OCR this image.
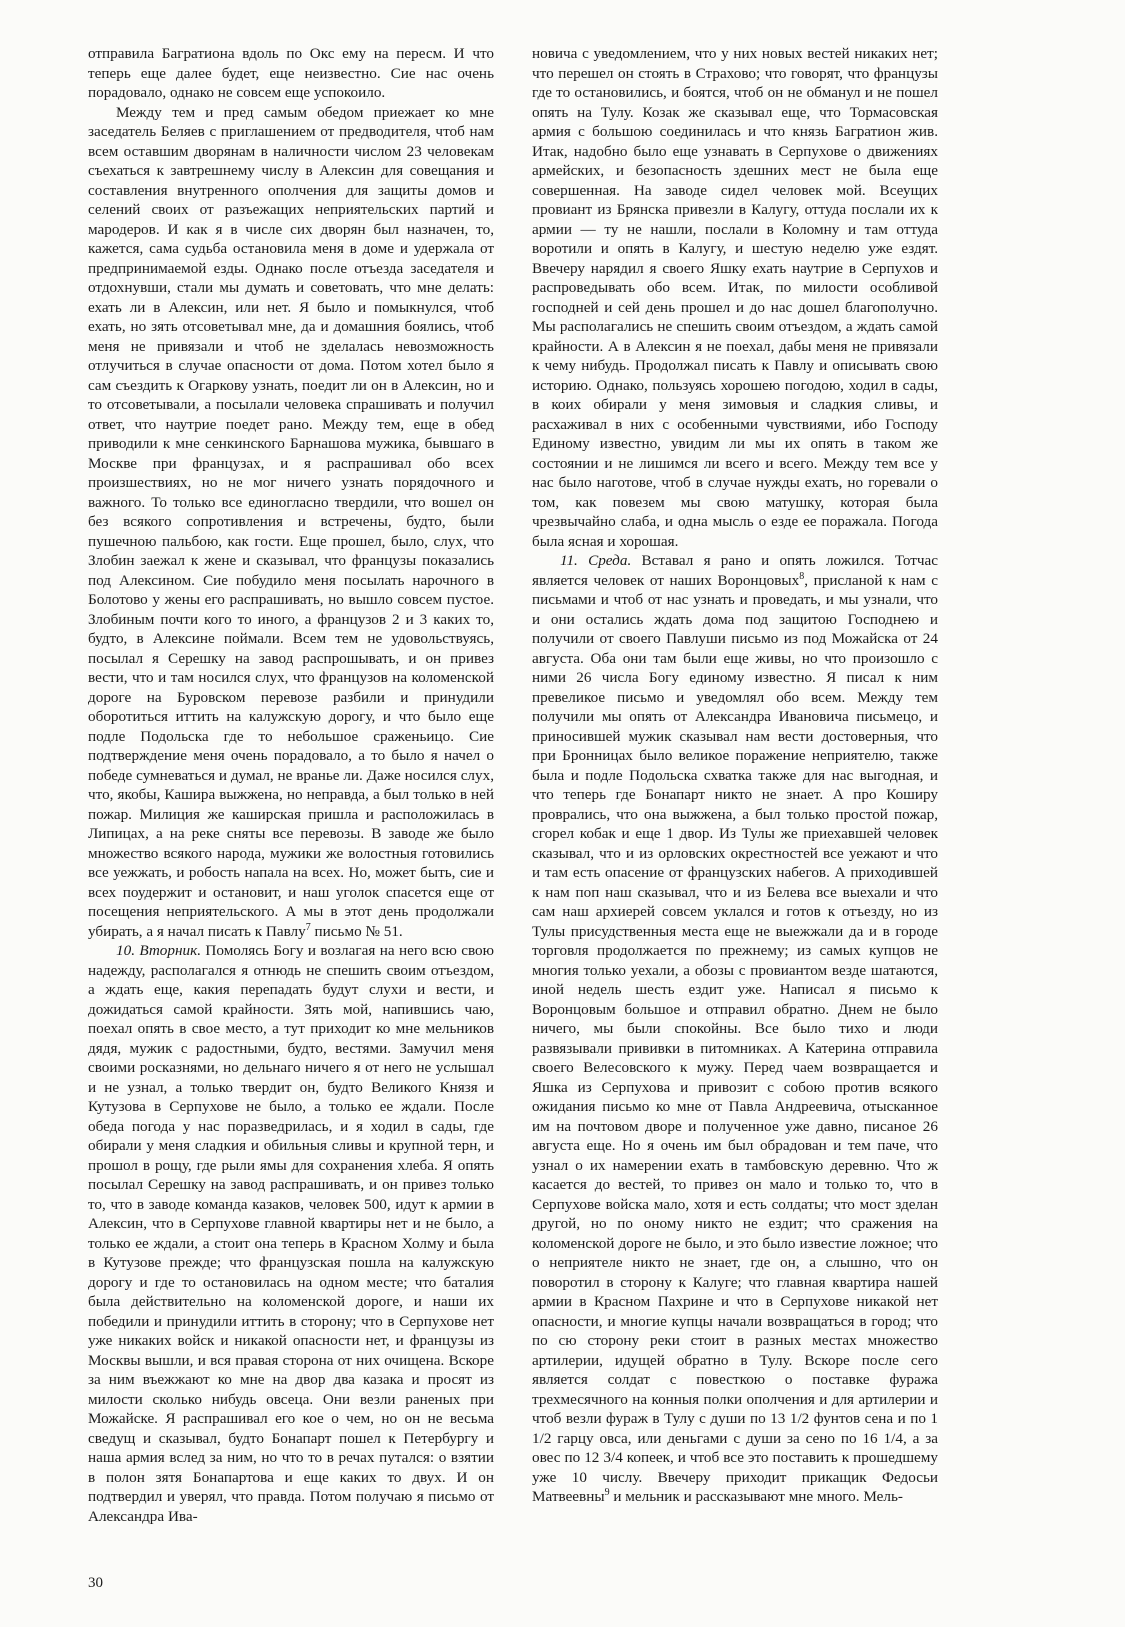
отправила Багратиона вдоль по Окс ему на пересм. И что теперь еще далее будет, еще неизвестно. Сие нас очень порадовало, однако не совсем еще успокоило.

Между тем и пред самым обедом приежает ко мне заседатель Беляев с приглашением от предводителя, чтоб нам всем оставшим дворянам в наличности числом 23 человекам съехаться к завтрешнему числу в Алексин для совещания и составления внутренного ополчения для защиты домов и селений своих от разъежащих неприятельских партий и мародеров. И как я в числе сих дворян был назначен, то, кажется, сама судьба остановила меня в доме и удержала от предпринимаемой езды. Однако после отъезда заседателя и отдохнувши, стали мы думать и советовать, что мне делать: ехать ли в Алексин, или нет. Я было и помыкнулся, чтоб ехать, но зять отсоветывал мне, да и домашния боялись, чтоб меня не привязали и чтоб не зделалась невозможность отлучиться в случае опасности от дома. Потом хотел было я сам съездить к Огаркову узнать, поедит ли он в Алексин, но и то отсоветывали, а посылали человека спрашивать и получил ответ, что наутрие поедет рано. Между тем, еще в обед приводили к мне сенкинского Барнашова мужика, бывшаго в Москве при французах, и я распрашивал обо всех произшествиях, но не мог ничего узнать порядочного и важного. То только все единогласно твердили, что вошел он без всякого сопротивления и встречены, будто, были пушечною пальбою, как гости. Еще прошел, было, слух, что Злобин заежал к жене и сказывал, что французы показались под Алексином. Сие побудило меня посылать нарочного в Болотово у жены его распрашивать, но вышло совсем пустое. Злобиным почти кого то иного, а французов 2 и 3 каких то, будто, в Алексине поймали. Всем тем не удовольствуясь, посылал я Серешку на завод распрошывать, и он привез вести, что и там носился слух, что французов на коломенской дороге на Буровском перевозе разбили и принудили оборотиться иттить на калужскую дорогу, и что было еще подле Подольска где то небольшое сраженьицо. Сие подтверждение меня очень порадовало, а то было я начел о победе сумневаться и думал, не вранье ли. Даже носился слух, что, якобы, Кашира выжжена, но неправда, а был только в ней пожар. Милиция же каширская пришла и расположилась в Липицах, а на реке сняты все перевозы. В заводе же было множество всякого народа, мужики же волостныя готовились все уежжать, и робость напала на всех. Но, может быть, сие и всех поудержит и остановит, и наш уголок спасется еще от посещения неприятельского. А мы в этот день продолжали убирать, а я начал писать к Павлу$^7$ письмо № 51.

10. Вторник. Помолясь Богу и возлагая на него всю свою надежду, располагался я отнюдь не спешить своим отъездом, а ждать еще, какия перепадать будут слухи и вести, и дожидаться самой крайности. Зять мой, напившись чаю, поехал опять в свое место, а тут приходит ко мне мельников дядя, мужик с радостными, будто, вестями. Замучил меня своими росказнями, но дельнаго ничего я от него не услышал и не узнал, а только твердит он, будто Великого Князя и Кутузова в Серпухове не было, а только ее ждали. После обеда погода у нас поразведрилась, и я ходил в сады, где обирали у меня сладкия и обильныя сливы и крупной терн, и прошол в рощу, где рыли ямы для сохранения хлеба. Я опять посылал Серешку на завод распрашивать, и он привез только то, что в заводе команда казаков, человек 500, идут к армии в Алексин, что в Серпухове главной квартиры нет и не было, а только ее ждали, а стоит она теперь в Красном Холму и была в Кутузове прежде; что французская пошла на калужскую дорогу и где то остановилась на одном месте; что баталия была действительно на коломенской дороге, и наши их победили и принудили иттить в сторону; что в Серпухове нет уже никаких войск и никакой опасности нет, и французы из Москвы вышли, и вся правая сторона от них очищена. Вскоре за ним въежжают ко мне на двор два казака и просят из милости сколько нибудь овсеца. Они везли раненых при Можайске. Я распрашивал его кое о чем, но он не весьма сведущ и сказывал, будто Бонапарт пошел к Петербургу и наша армия вслед за ним, но что то в речах путался: о взятии в полон зятя Бонапартова и еще каких то двух. И он подтвердил и уверял, что правда. Потом получаю я письмо от Александра Ива-

новича с уведомлением, что у них новых вестей никаких нет; что перешел он стоять в Страхово; что говорят, что французы где то остановились, и боятся, чтоб он не обманул и не пошел опять на Тулу. Козак же сказывал еще, что Тормасовская армия с большою соединилась и что князь Багратион жив. Итак, надобно было еще узнавать в Серпухове о движениях армейских, и безопасность здешних мест не была еще совершенная. На заводе сидел человек мой. Всеущих провиант из Брянска привезли в Калугу, оттуда послали их к армии — ту не нашли, послали в Коломну и там оттуда воротили и опять в Калугу, и шестую неделю уже ездят. Ввечеру нарядил я своего Яшку ехать наутрие в Серпухов и распровeдывать обо всем. Итак, по милости особливой господней и сей день прошел и до нас дошел благополучно. Мы располагались не спешить своим отъездом, а ждать самой крайности. А в Алексин я не поехал, дабы меня не привязали к чему нибудь. Продолжал писать к Павлу и описывать свою историю. Однако, пользуясь хорошею погодою, ходил в сады, в коих обирали у меня зимовыя и сладкия сливы, и расхаживал в них с особенными чувствиями, ибо Господу Единому известно, увидим ли мы их опять в таком же состоянии и не лишимся ли всего и всего. Между тем все у нас было наготове, чтоб в случае нужды ехать, но горевали о том, как повезем мы свою матушку, которая была чрезвычайно слаба, и одна мысль о езде ее поражала. Погода была ясная и хорошая.

11. Среда. Вставал я рано и опять ложился. Тотчас является человек от наших Воронцовых$^8$, присланой к нам с письмами и чтоб от нас узнать и проведать, и мы узнали, что и они остались ждать дома под защитою Господнею и получили от своего Павлуши письмо из под Можайска от 24 августа. Оба они там были еще живы, но что произошло с ними 26 числа Богу единому известно. Я писал к ним превеликое письмо и уведомлял обо всем. Между тем получили мы опять от Александра Ивановича письмецо, и приносившей мужик сказывал нам вести достоверныя, что при Бронницах было великое поражение неприятелю, также была и подле Подольска схватка также для нас выгодная, и что теперь где Бонапарт никто не знает. А про Коширу проврались, что она выжжена, а был только простой пожар, сгорел кобак и еще 1 двор. Из Тулы же приехавшей человек сказывал, что и из орловских окрестностей все уежают и что и там есть опасение от французских набегов. А приходившей к нам поп наш сказывал, что и из Белева все выехали и что сам наш архиерей совсем уклался и готов к отъезду, но из Тулы присудственныя места еще не выежжали да и в городе торговля продолжается по прежнему; из самых купцов не многия только уехали, а обозы с провиантом везде шатаются, иной недель шесть ездит уже. Написал я письмо к Воронцовым большое и отправил обратно. Днем не было ничего, мы были спокойны. Все было тихо и люди развязывали прививки в питомниках. А Катерина отправила своего Велесовского к мужу. Перед чаем возвращается и Яшка из Серпухова и привозит с собою против всякого ожидания письмо ко мне от Павла Андреевича, отысканное им на почтовом дворе и полученное уже давно, писаное 26 августа еще. Но я очень им был обрадован и тем паче, что узнал о их намерении ехать в тамбовскую деревню. Что ж касается до вестей, то привез он мало и только то, что в Серпухове войска мало, хотя и есть солдаты; что мост зделан другой, но по оному никто не ездит; что сражения на коломенской дороге не было, и это было известие ложное; что о неприятеле никто не знает, где он, а слышно, что он поворотил в сторону к Калуге; что главная квартира нашей армии в Красном Пахрине и что в Серпухове никакой нет опасности, и многие купцы начали возвращаться в город; что по сю сторону реки стоит в разных местах множество артилерии, идущей обратно в Тулу. Вскоре после сего является солдат с повесткою о поставке фуража трехмесячного на конныя полки ополчения и для артилерии и чтоб везли фураж в Тулу с души по 13 1/2 фунтов сена и по 1 1/2 гарцу овса, или деньгами с души за сено по 16 1/4, а за овес по 12 3/4 копеек, и чтоб все это поставить к прошедшему уже 10 числу. Ввечеру приходит прикащик Федосьи Матвеевны$^9$ и мельник и рассказывают мне много. Мель-

30
